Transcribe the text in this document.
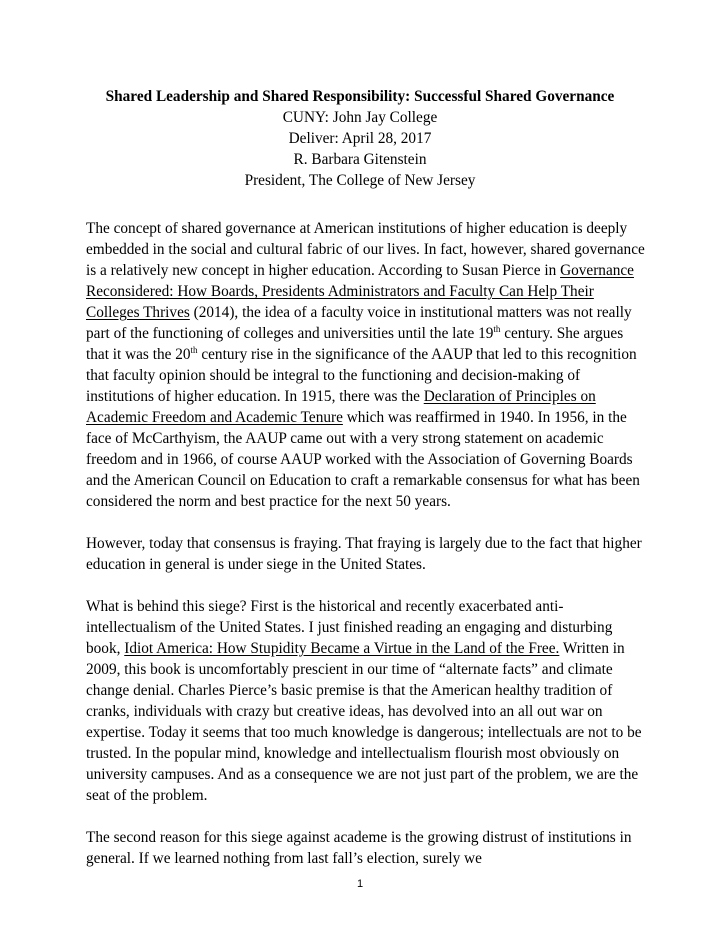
Shared Leadership and Shared Responsibility: Successful Shared Governance
CUNY: John Jay College
Deliver: April 28, 2017
R. Barbara Gitenstein
President, The College of New Jersey

The concept of shared governance at American institutions of higher education is deeply embedded in the social and cultural fabric of our lives. In fact, however, shared governance is a relatively new concept in higher education. According to Susan Pierce in Governance Reconsidered: How Boards, Presidents Administrators and Faculty Can Help Their Colleges Thrives (2014), the idea of a faculty voice in institutional matters was not really part of the functioning of colleges and universities until the late 19th century. She argues that it was the 20th century rise in the significance of the AAUP that led to this recognition that faculty opinion should be integral to the functioning and decision-making of institutions of higher education. In 1915, there was the Declaration of Principles on Academic Freedom and Academic Tenure which was reaffirmed in 1940. In 1956, in the face of McCarthyism, the AAUP came out with a very strong statement on academic freedom and in 1966, of course AAUP worked with the Association of Governing Boards and the American Council on Education to craft a remarkable consensus for what has been considered the norm and best practice for the next 50 years.

However, today that consensus is fraying. That fraying is largely due to the fact that higher education in general is under siege in the United States.

What is behind this siege? First is the historical and recently exacerbated anti-intellectualism of the United States. I just finished reading an engaging and disturbing book, Idiot America: How Stupidity Became a Virtue in the Land of the Free. Written in 2009, this book is uncomfortably prescient in our time of “alternate facts” and climate change denial. Charles Pierce’s basic premise is that the American healthy tradition of cranks, individuals with crazy but creative ideas, has devolved into an all out war on expertise. Today it seems that too much knowledge is dangerous; intellectuals are not to be trusted. In the popular mind, knowledge and intellectualism flourish most obviously on university campuses. And as a consequence we are not just part of the problem, we are the seat of the problem.

The second reason for this siege against academe is the growing distrust of institutions in general. If we learned nothing from last fall’s election, surely we

1
